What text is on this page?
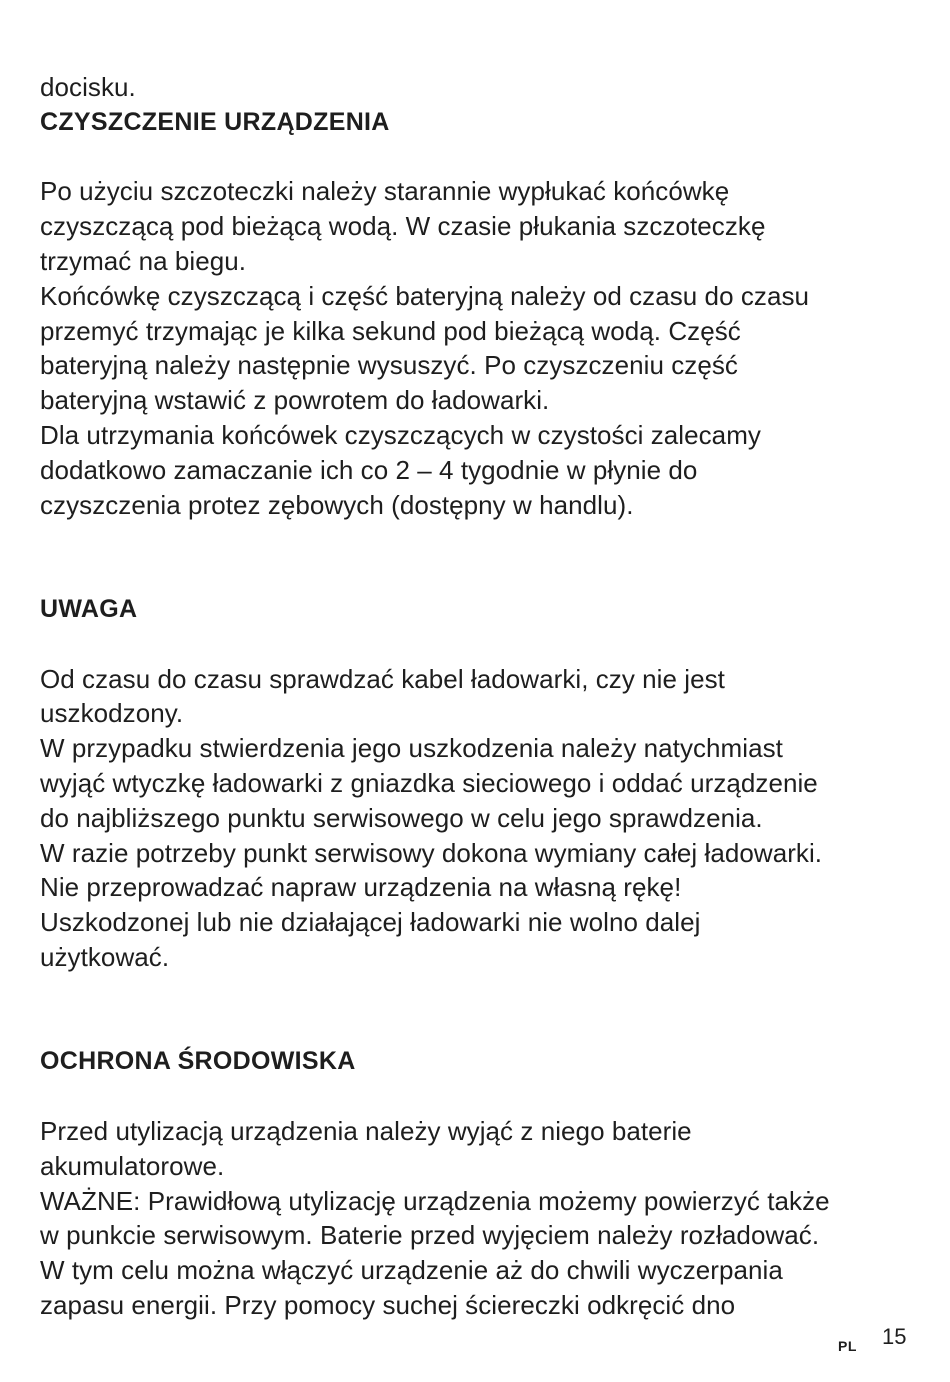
docisku.
CZYSZCZENIE URZĄDZENIA
Po użyciu szczoteczki należy starannie wypłukać końcówkę
czyszczącą pod bieżącą wodą. W czasie płukania szczoteczkę
trzymać na biegu.
Końcówkę czyszczącą i część bateryjną należy od czasu do czasu
przemyć trzymając je kilka sekund pod bieżącą wodą. Część
bateryjną należy następnie wysuszyć. Po czyszczeniu część
bateryjną wstawić z powrotem do ładowarki.
Dla utrzymania końcówek czyszczących w czystości zalecamy
dodatkowo zamaczanie ich co 2 – 4 tygodnie w płynie do
czyszczenia protez zębowych (dostępny w handlu).
UWAGA
Od czasu do czasu sprawdzać kabel ładowarki, czy nie jest
uszkodzony.
W przypadku stwierdzenia jego uszkodzenia należy natychmiast
wyjąć wtyczkę ładowarki z gniazdka sieciowego i oddać urządzenie
do najbliższego punktu serwisowego w celu jego sprawdzenia.
W razie potrzeby punkt serwisowy dokona wymiany całej ładowarki.
Nie przeprowadzać napraw urządzenia na własną rękę!
Uszkodzonej lub nie działającej ładowarki nie wolno dalej
użytkować.
OCHRONA ŚRODOWISKA
Przed utylizacją urządzenia należy wyjąć z niego baterie
akumulatorowe.
WAŻNE: Prawidłową utylizację urządzenia możemy powierzyć także
w punkcie serwisowym. Baterie przed wyjęciem należy rozładować.
W tym celu można włączyć urządzenie aż do chwili wyczerpania
zapasu energii. Przy pomocy suchej ściereczki odkręcić dno
PL 15
